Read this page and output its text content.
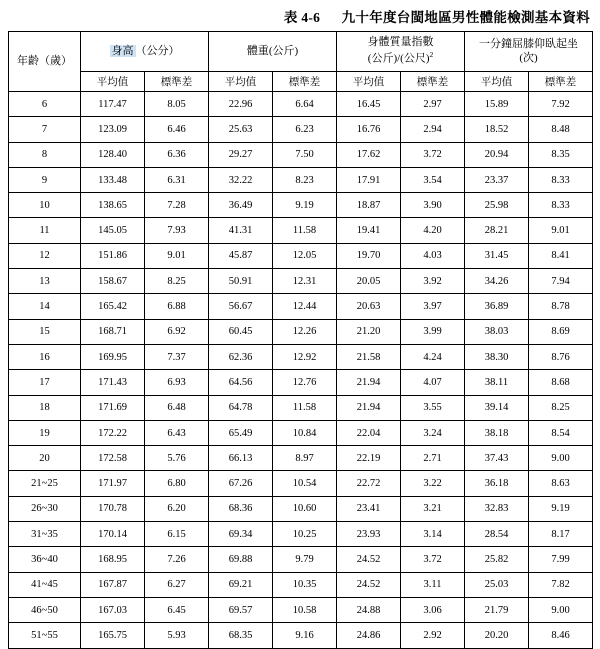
表 4-6 九十年度台閩地區男性體能檢測基本資料
年齡（歲）	身高 （公分）		體重(公斤)		身體質量指數
(公斤)/(公尺)$^2$		一分鐘屈膝仰臥起坐
(次)	

	平均值	標準差	平均值	標準差	平均值	標準差	平均值	標準差
6	117.47	8.05	22.96	6.64	16.45	2.97	15.89	7.92
7	123.09	6.46	25.63	6.23	16.76	2.94	18.52	8.48
8	128.40	6.36	29.27	7.50	17.62	3.72	20.94	8.35
9	133.48	6.31	32.22	8.23	17.91	3.54	23.37	8.33
10	138.65	7.28	36.49	9.19	18.87	3.90	25.98	8.33
11	145.05	7.93	41.31	11.58	19.41	4.20	28.21	9.01
12	151.86	9.01	45.87	12.05	19.70	4.03	31.45	8.41
13	158.67	8.25	50.91	12.31	20.05	3.92	34.26	7.94
14	165.42	6.88	56.67	12.44	20.63	3.97	36.89	8.78
15	168.71	6.92	60.45	12.26	21.20	3.99	38.03	8.69
16	169.95	7.37	62.36	12.92	21.58	4.24	38.30	8.76
17	171.43	6.93	64.56	12.76	21.94	4.07	38.11	8.68
18	171.69	6.48	64.78	11.58	21.94	3.55	39.14	8.25
19	172.22	6.43	65.49	10.84	22.04	3.24	38.18	8.54
20	172.58	5.76	66.13	8.97	22.19	2.71	37.43	9.00
21~25	171.97	6.80	67.26	10.54	22.72	3.22	36.18	8.63
26~30	170.78	6.20	68.36	10.60	23.41	3.21	32.83	9.19
31~35	170.14	6.15	69.34	10.25	23.93	3.14	28.54	8.17
36~40	168.95	7.26	69.88	9.79	24.52	3.72	25.82	7.99
41~45	167.87	6.27	69.21	10.35	24.52	3.11	25.03	7.82
46~50	167.03	6.45	69.57	10.58	24.88	3.06	21.79	9.00
51~55	165.75	5.93	68.35	9.16	24.86	2.92	20.20	8.46
